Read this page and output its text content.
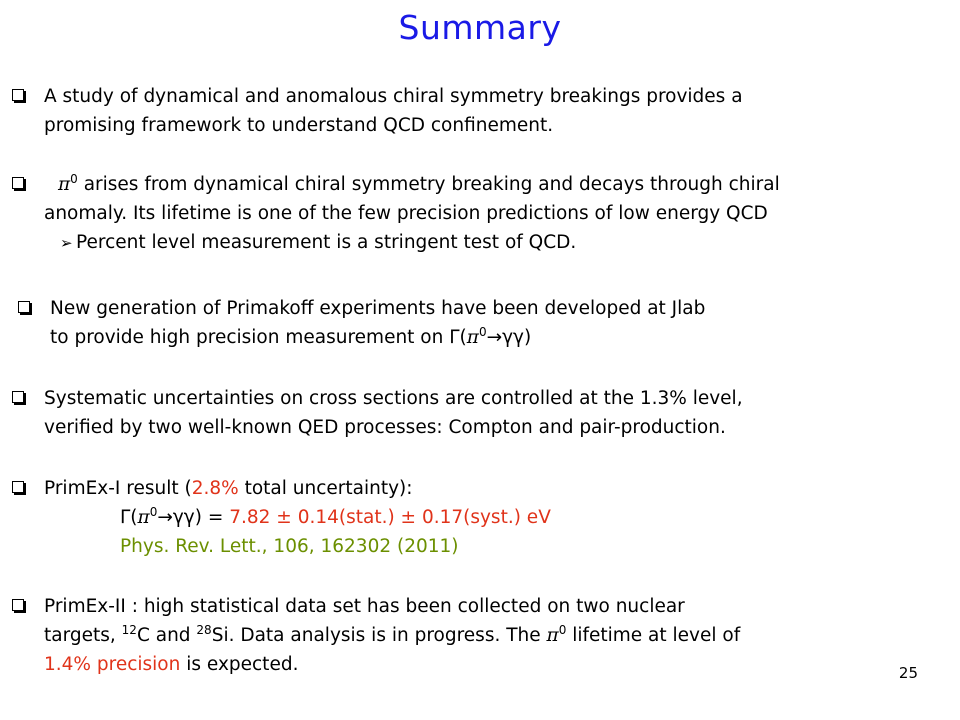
Summary
A study of dynamical and anomalous chiral symmetry breakings provides a
promising framework to understand QCD confinement.
$\pi^0$ arises from dynamical chiral symmetry breaking and decays through chiral
anomaly. Its lifetime is one of the few precision predictions of low energy QCD
➢ Percent level measurement is a stringent test of QCD.
New generation of Primakoff experiments have been developed at Jlab
to provide high precision measurement on $\Gamma(\pi^0\to\gamma\gamma)$
Systematic uncertainties on cross sections are controlled at the 1.3% level,
verified by two well-known QED processes: Compton and pair-production.
PrimEx-I result (2.8% total uncertainty):
$\Gamma(\pi^0\to\gamma\gamma) = 7.82$ ± 0.14(stat.) ± 0.17(syst.) eV
Phys. Rev. Lett., 106, 162302 (2011)
PrimEx-II : high statistical data set has been collected on two nuclear
targets, $^{12}$C and $^{28}$Si. Data analysis is in progress. The $\pi^0$ lifetime at level of
1.4% precision is expected.	25
